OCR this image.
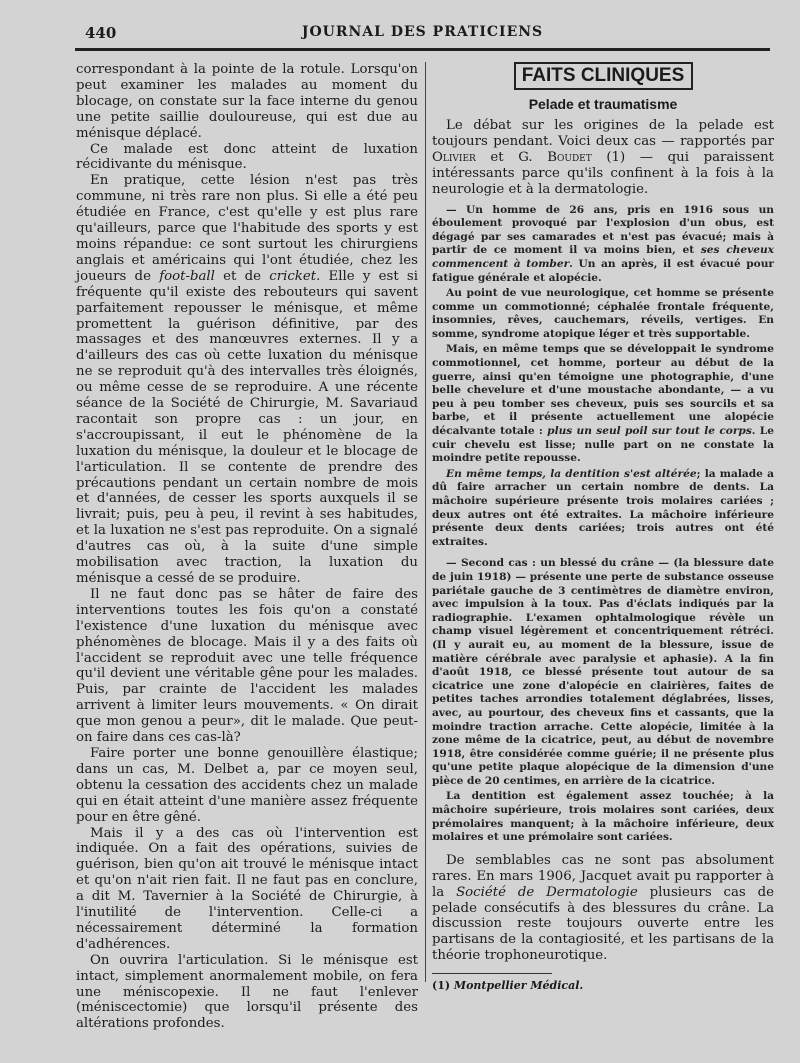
440	JOURNAL DES PRATICIENS

correspondant à la pointe de la rotule. Lorsqu'on peut examiner les malades au moment du blocage, on constate sur la face interne du genou une petite saillie douloureuse, qui est due au ménisque déplacé.

Ce malade est donc atteint de luxation récidivante du ménisque.

En pratique, cette lésion n'est pas très commune, ni très rare non plus. Si elle a été peu étudiée en France, c'est qu'elle y est plus rare qu'ailleurs, parce que l'habitude des sports y est moins répandue: ce sont surtout les chirurgiens anglais et américains qui l'ont étudiée, chez les joueurs de foot-ball et de cricket. Elle y est si fréquente qu'il existe des rebouteurs qui savent parfaitement repousser le ménisque, et même promettent la guérison définitive, par des massages et des manœuvres externes. Il y a d'ailleurs des cas où cette luxation du ménisque ne se reproduit qu'à des intervalles très éloignés, ou même cesse de se reproduire. A une récente séance de la Société de Chirurgie, M. Savariaud racontait son propre cas : un jour, en s'accroupissant, il eut le phénomène de la luxation du ménisque, la douleur et le blocage de l'articulation. Il se contente de prendre des précautions pendant un certain nombre de mois et d'années, de cesser les sports auxquels il se livrait; puis, peu à peu, il revint à ses habitudes, et la luxation ne s'est pas reproduite. On a signalé d'autres cas où, à la suite d'une simple mobilisation avec traction, la luxation du ménisque a cessé de se produire.

Il ne faut donc pas se hâter de faire des interventions toutes les fois qu'on a constaté l'existence d'une luxation du ménisque avec phénomènes de blocage. Mais il y a des faits où l'accident se reproduit avec une telle fréquence qu'il devient une véritable gêne pour les malades. Puis, par crainte de l'accident les malades arrivent à limiter leurs mouvements. « On dirait que mon genou a peur», dit le malade. Que peut-on faire dans ces cas-là?

Faire porter une bonne genouillère élastique; dans un cas, M. Delbet a, par ce moyen seul, obtenu la cessation des accidents chez un malade qui en était atteint d'une manière assez fréquente pour en être gêné.

Mais il y a des cas où l'intervention est indiquée. On a fait des opérations, suivies de guérison, bien qu'on ait trouvé le ménisque intact et qu'on n'ait rien fait. Il ne faut pas en conclure, a dit M. Tavernier à la Société de Chirurgie, à l'inutilité de l'intervention. Celle-ci a nécessairement déterminé la formation d'adhérences.

On ouvrira l'articulation. Si le ménisque est intact, simplement anormalement mobile, on fera une méniscopexie. Il ne faut l'enlever (méniscectomie) que lorsqu'il présente des altérations profondes.

FAITS CLINIQUES
Pelade et traumatisme

Le débat sur les origines de la pelade est toujours pendant. Voici deux cas — rapportés par Olivier et G. Boudet (1) — qui paraissent intéressants parce qu'ils confinent à la fois à la neurologie et à la dermatologie.

— Un homme de 26 ans, pris en 1916 sous un éboulement provoqué par l'explosion d'un obus, est dégagé par ses camarades et n'est pas évacué; mais à partir de ce moment il va moins bien, et ses cheveux commencent à tomber. Un an après, il est évacué pour fatigue générale et alopécie.

Au point de vue neurologique, cet homme se présente comme un commotionné; céphalée frontale fréquente, insomnies, rêves, cauchemars, réveils, vertiges. En somme, syndrome atopique léger et très supportable.

Mais, en même temps que se développait le syndrome commotionnel, cet homme, porteur au début de la guerre, ainsi qu'en témoigne une photographie, d'une belle chevelure et d'une moustache abondante, — a vu peu à peu tomber ses cheveux, puis ses sourcils et sa barbe, et il présente actuellement une alopécie décalvante totale : plus un seul poil sur tout le corps. Le cuir chevelu est lisse; nulle part on ne constate la moindre petite repousse.

En même temps, la dentition s'est altérée; la malade a dû faire arracher un certain nombre de dents. La mâchoire supérieure présente trois molaires cariées ; deux autres ont été extraites. La mâchoire inférieure présente deux dents cariées; trois autres ont été extraites.

— Second cas : un blessé du crâne — (la blessure date de juin 1918) — présente une perte de substance osseuse pariétale gauche de 3 centimètres de diamètre environ, avec impulsion à la toux. Pas d'éclats indiqués par la radiographie. L'examen ophtalmologique révèle un champ visuel légèrement et concentriquement rétréci. (Il y aurait eu, au moment de la blessure, issue de matière cérébrale avec paralysie et aphasie). A la fin d'août 1918, ce blessé présente tout autour de sa cicatrice une zone d'alopécie en clairières, faites de petites taches arrondies totalement déglabrées, lisses, avec, au pourtour, des cheveux fins et cassants, que la moindre traction arrache. Cette alopécie, limitée à la zone même de la cicatrice, peut, au début de novembre 1918, être considérée comme guérie; il ne présente plus qu'une petite plaque alopécique de la dimension d'une pièce de 20 centimes, en arrière de la cicatrice.

La dentition est également assez touchée; à la mâchoire supérieure, trois molaires sont cariées, deux prémolaires manquent; à la mâchoire inférieure, deux molaires et une prémolaire sont cariées.

De semblables cas ne sont pas absolument rares. En mars 1906, Jacquet avait pu rapporter à la Société de Dermatologie plusieurs cas de pelade consécutifs à des blessures du crâne. La discussion reste toujours ouverte entre les partisans de la contagiosité, et les partisans de la théorie trophoneurotique.

(1) Montpellier Médical.
